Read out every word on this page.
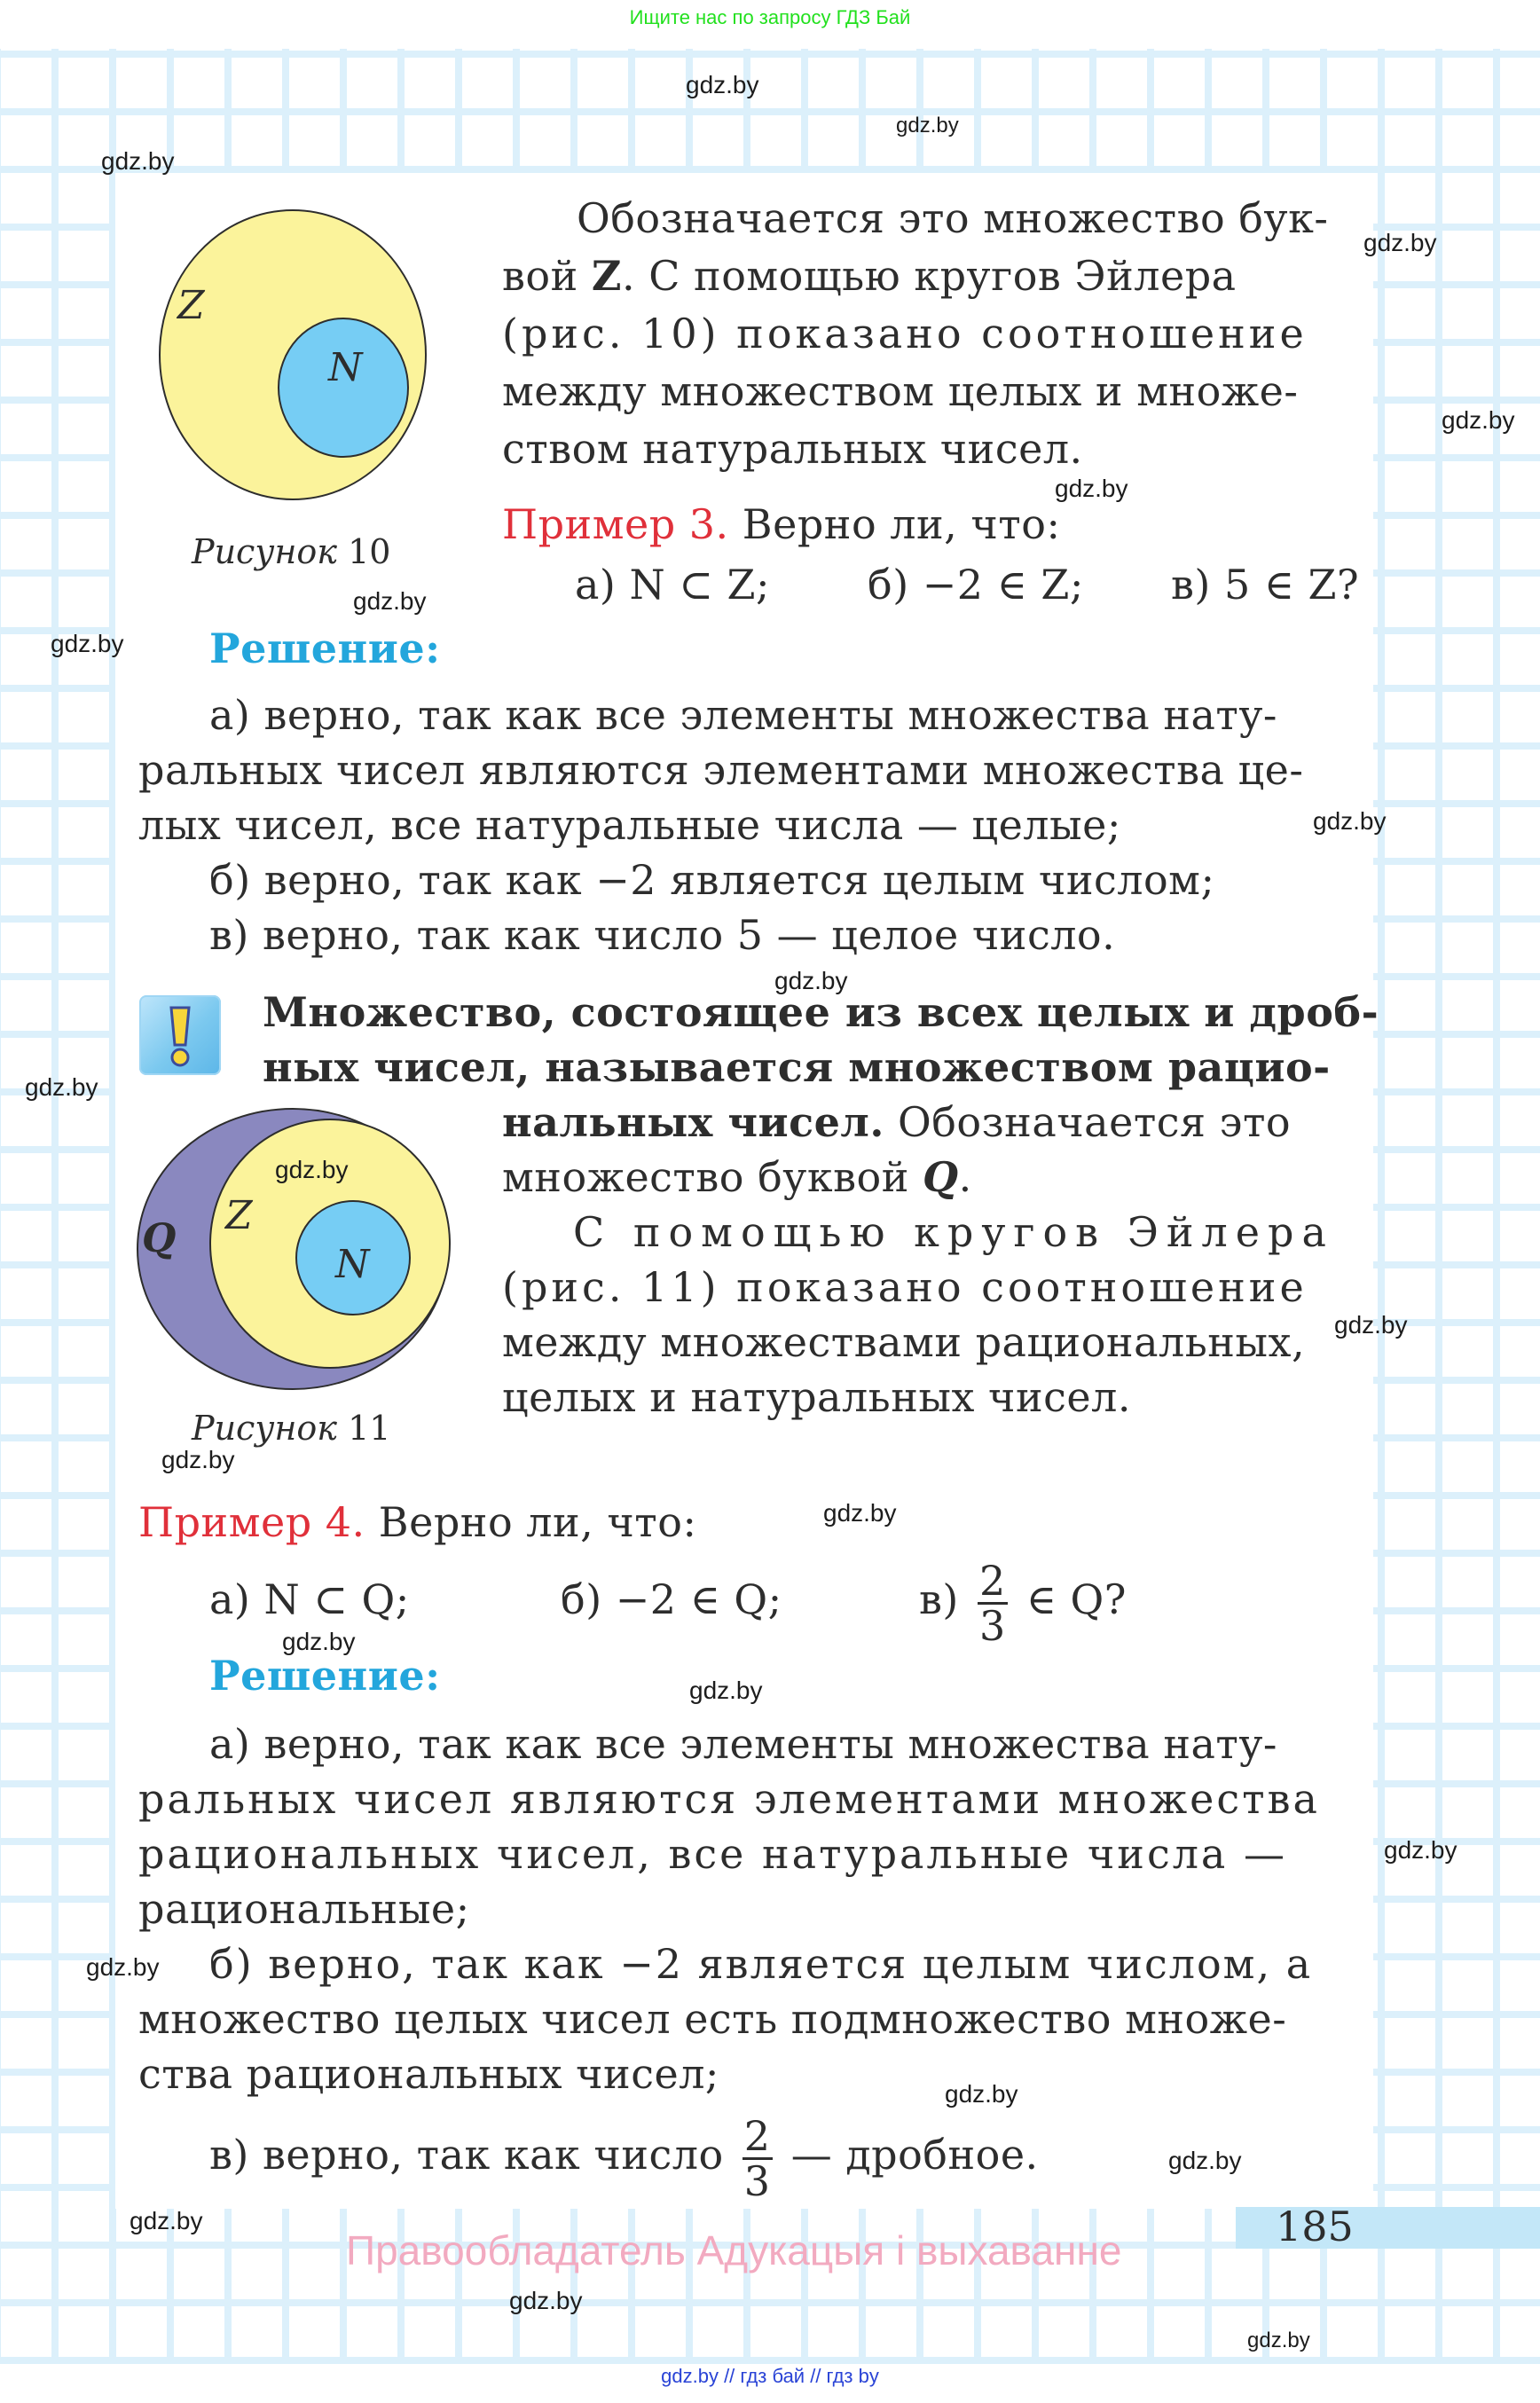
Ищите нас по запросу ГДЗ Бай
Z
N
Рисунок 10
Обозначается это множество бук-
вой Z. С помощью кругов Эйлера
(рис. 10) показано соотношение
между множеством целых и множе-
ством натуральных чисел.
Пример 3. Верно ли, что:
а) N ⊂ Z; б) −2 ∈ Z; в) 5 ∈ Z?
Решение:
а) верно, так как все элементы множества нату-
ральных чисел являются элементами множества це-
лых чисел, все натуральные числа — целые;
б) верно, так как −2 является целым числом;
в) верно, так как число 5 — целое число.
Множество, состоящее из всех целых и дроб-
ных чисел, называется множеством рацио-
нальных чисел. Обозначается это
множество буквой Q.
С помощью кругов Эйлера
(рис. 11) показано соотношение
между множествами рациональных,
целых и натуральных чисел.
Q
Z
N
Рисунок 11
Пример 4. Верно ли, что:
а) N ⊂ Q;	б) −2 ∈ Q;	$в) \frac{2}{3}$ ∈ Q?
Решение:
а) верно, так как все элементы множества нату-
ральных чисел являются элементами множества
рациональных чисел, все натуральные числа —
рациональные;
б) верно, так как −2 является целым числом, а
множество целых чисел есть подмножество множе-
ства рациональных чисел;
в) верно, так как число $\frac{2}{3}$ — дробное.
185
Правообладатель Адукацыя і выхаванне
gdz.by // гдз бай // гдз by
gdz.by
gdz.by
gdz.by
gdz.by
gdz.by
gdz.by
gdz.by
gdz.by
gdz.by
gdz.by
gdz.by
gdz.by
gdz.by
gdz.by
gdz.by
gdz.by
gdz.by
gdz.by
gdz.by
gdz.by
gdz.by
gdz.by
gdz.by
gdz.by
